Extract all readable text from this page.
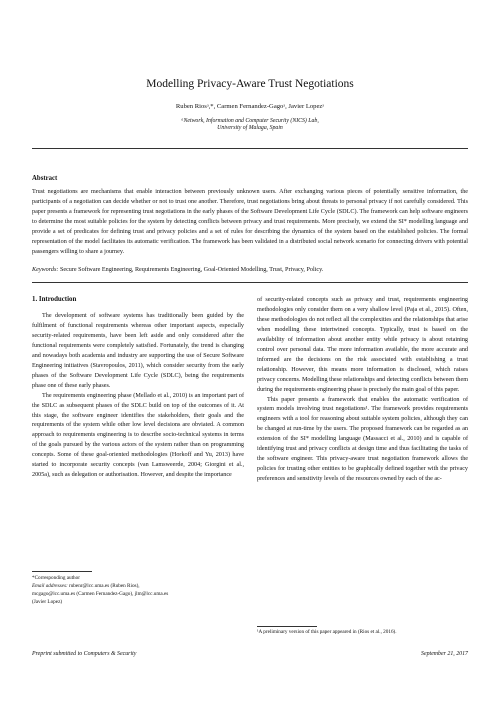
Modelling Privacy-Aware Trust Negotiations
Ruben Riosᵃ,*, Carmen Fernandez-Gagoᵃ, Javier Lopezᵃ
ᵃNetwork, Information and Computer Security (NICS) Lab,
University of Malaga, Spain
Abstract
Trust negotiations are mechanisms that enable interaction between previously unknown users. After exchanging various pieces of potentially sensitive information, the participants of a negotiation can decide whether or not to trust one another. Therefore, trust negotiations bring about threats to personal privacy if not carefully considered. This paper presents a framework for representing trust negotiations in the early phases of the Software Development Life Cycle (SDLC). The framework can help software engineers to determine the most suitable policies for the system by detecting conflicts between privacy and trust requirements. More precisely, we extend the SI* modelling language and provide a set of predicates for defining trust and privacy policies and a set of rules for describing the dynamics of the system based on the established policies. The formal representation of the model facilitates its automatic verification. The framework has been validated in a distributed social network scenario for connecting drivers with potential passengers willing to share a journey.
Keywords: Secure Software Engineering, Requirements Engineering, Goal-Oriented Modelling, Trust, Privacy, Policy.
1. Introduction

The development of software systems has traditionally been guided by the fulfilment of functional requirements whereas other important aspects, especially security-related requirements, have been left aside and only considered after the functional requirements were completely satisfied. Fortunately, the trend is changing and nowadays both academia and industry are supporting the use of Secure Software Engineering initiatives (Stavropoulos, 2011), which consider security from the early phases of the Software Development Life Cycle (SDLC), being the requirements phase one of these early phases.

The requirements engineering phase (Mellado et al., 2010) is an important part of the SDLC as subsequent phases of the SDLC build on top of the outcomes of it. At this stage, the software engineer identifies the stakeholders, their goals and the requirements of the system while other low level decisions are obviated. A common approach to requirements engineering is to describe socio-technical systems in terms of the goals pursued by the various actors of the system rather than on programming concepts. Some of these goal-oriented methodologies (Horkoff and Yu, 2013) have started to incorporate security concepts (van Lamsweerde, 2004; Giorgini et al., 2005a), such as delegation or authorisation. However, and despite the importance

of security-related concepts such as privacy and trust, requirements engineering methodologies only consider them on a very shallow level (Paja et al., 2015). Often, these methodologies do not reflect all the complexities and the relationships that arise when modelling these intertwined concepts. Typically, trust is based on the availability of information about another entity while privacy is about retaining control over personal data. The more information available, the more accurate and informed are the decisions on the risk associated with establishing a trust relationship. However, this means more information is disclosed, which raises privacy concerns. Modelling these relationships and detecting conflicts between them during the requirements engineering phase is precisely the main goal of this paper.

This paper presents a framework that enables the automatic verification of system models involving trust negotiations¹. The framework provides requirements engineers with a tool for reasoning about suitable system policies, although they can be changed at run-time by the users. The proposed framework can be regarded as an extension of the SI* modelling language (Massacci et al., 2010) and is capable of identifying trust and privacy conflicts at design time and thus facilitating the tasks of the software engineer. This privacy-aware trust negotiation framework allows the policies for trusting other entities to be graphically defined together with the privacy preferences and sensitivity levels of the resources owned by each of the ac-

*Corresponding author
Email addresses: rubenr@lcc.uma.es (Ruben Rios),
mcgago@lcc.uma.es (Carmen Fernandez-Gago), jlm@lcc.uma.es
(Javier Lopez)
¹A preliminary version of this paper appeared in (Rios et al., 2016).
Preprint submitted to Computers & Security	September 21, 2017
